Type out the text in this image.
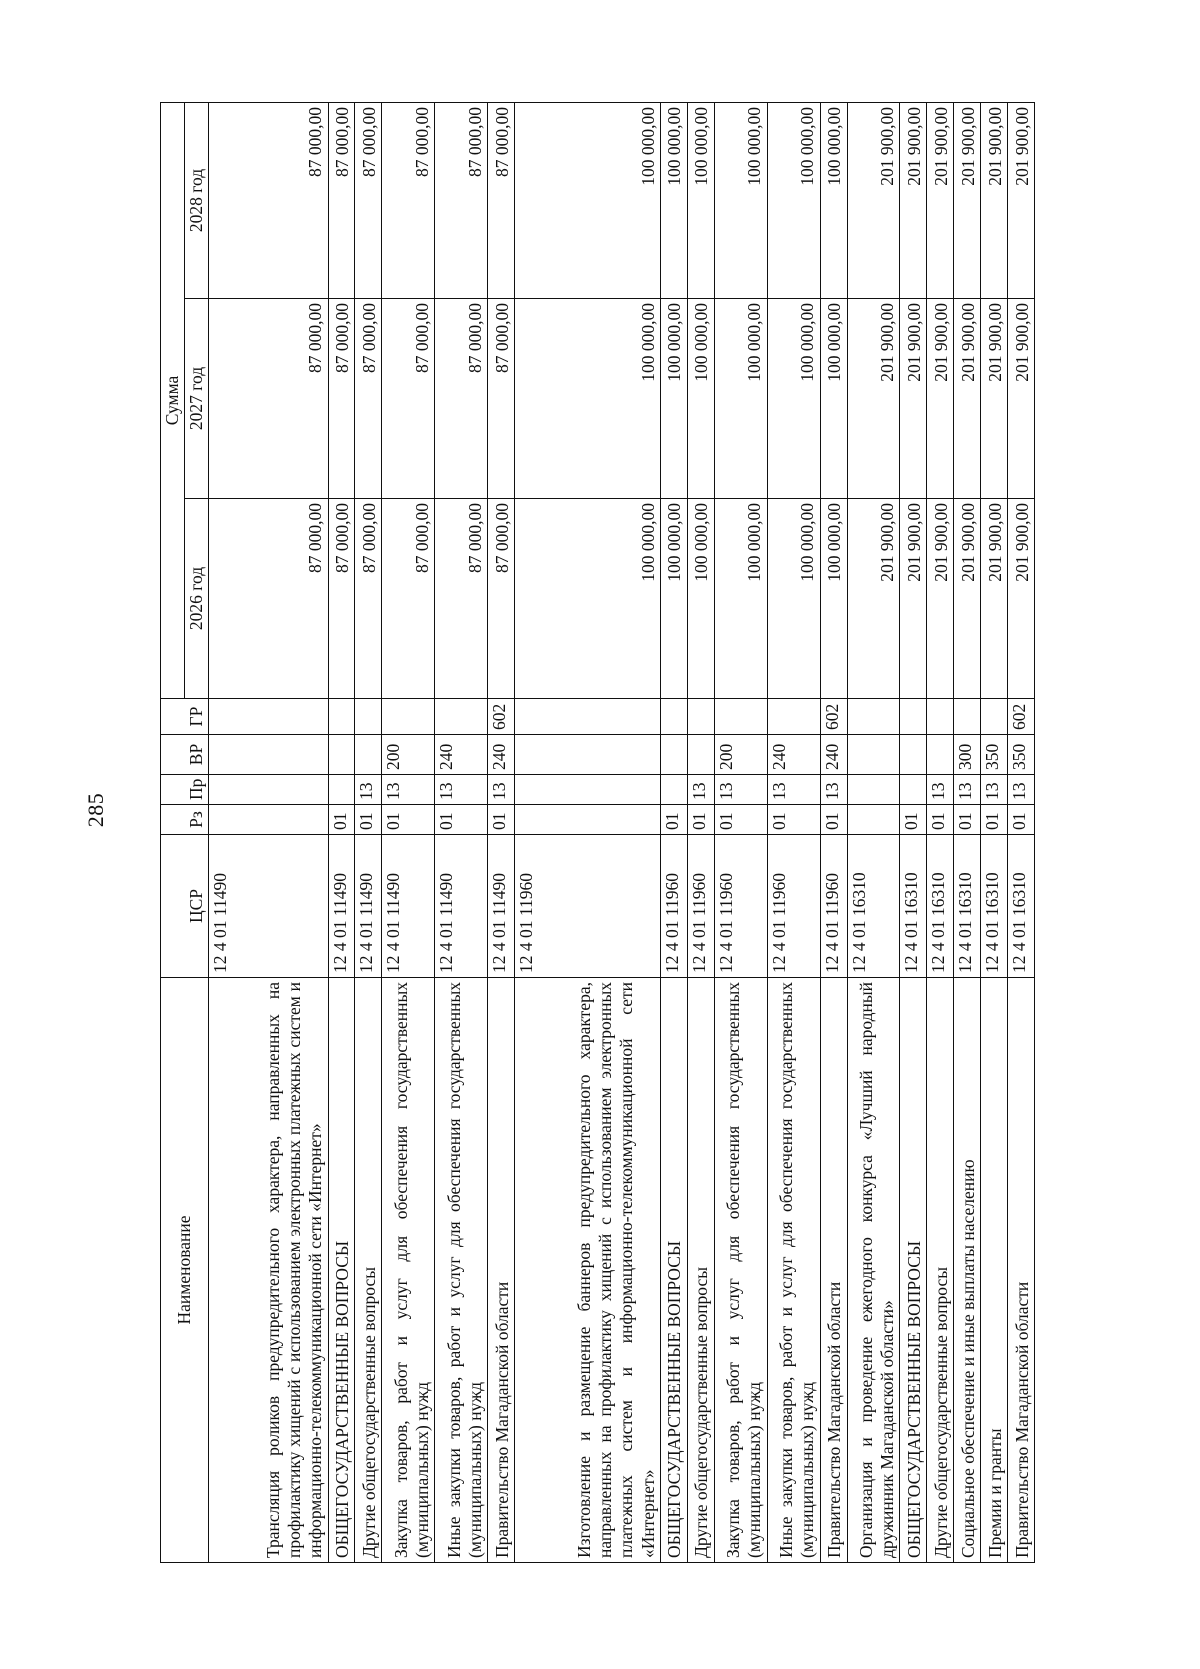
285
Наименование	ЦСР	Рз	Пр	ВР	ГР	Сумма		
						2026 год	2027 год	2028 год
Трансляция роликов предупредительного характера, направленных на профилактику хищений с использованием электронных платежных систем и информационно-телекоммуникационной сети «Интернет»	12 4 01 11490					87 000,00	87 000,00	87 000,00
ОБЩЕГОСУДАРСТВЕННЫЕ ВОПРОСЫ	12 4 01 11490	01				87 000,00	87 000,00	87 000,00
Другие общегосударственные вопросы	12 4 01 11490	01	13			87 000,00	87 000,00	87 000,00
Закупка товаров, работ и услуг для обеспечения государственных (муниципальных) нужд	12 4 01 11490	01	13	200		87 000,00	87 000,00	87 000,00
Иные закупки товаров, работ и услуг для обеспечения государственных (муниципальных) нужд	12 4 01 11490	01	13	240		87 000,00	87 000,00	87 000,00
Правительство Магаданской области	12 4 01 11490	01	13	240	602	87 000,00	87 000,00	87 000,00
Изготовление и размещение баннеров предупредительного характера, направленных на профилактику хищений с использованием электронных платежных систем и информационно-телекоммуникационной сети «Интернет»	12 4 01 11960					100 000,00	100 000,00	100 000,00
ОБЩЕГОСУДАРСТВЕННЫЕ ВОПРОСЫ	12 4 01 11960	01				100 000,00	100 000,00	100 000,00
Другие общегосударственные вопросы	12 4 01 11960	01	13			100 000,00	100 000,00	100 000,00
Закупка товаров, работ и услуг для обеспечения государственных (муниципальных) нужд	12 4 01 11960	01	13	200		100 000,00	100 000,00	100 000,00
Иные закупки товаров, работ и услуг для обеспечения государственных (муниципальных) нужд	12 4 01 11960	01	13	240		100 000,00	100 000,00	100 000,00
Правительство Магаданской области	12 4 01 11960	01	13	240	602	100 000,00	100 000,00	100 000,00
Организация и проведение ежегодного конкурса «Лучший народный дружинник Магаданской области»	12 4 01 16310					201 900,00	201 900,00	201 900,00
ОБЩЕГОСУДАРСТВЕННЫЕ ВОПРОСЫ	12 4 01 16310	01				201 900,00	201 900,00	201 900,00
Другие общегосударственные вопросы	12 4 01 16310	01	13			201 900,00	201 900,00	201 900,00
Социальное обеспечение и иные выплаты населению	12 4 01 16310	01	13	300		201 900,00	201 900,00	201 900,00
Премии и гранты	12 4 01 16310	01	13	350		201 900,00	201 900,00	201 900,00
Правительство Магаданской области	12 4 01 16310	01	13	350	602	201 900,00	201 900,00	201 900,00
